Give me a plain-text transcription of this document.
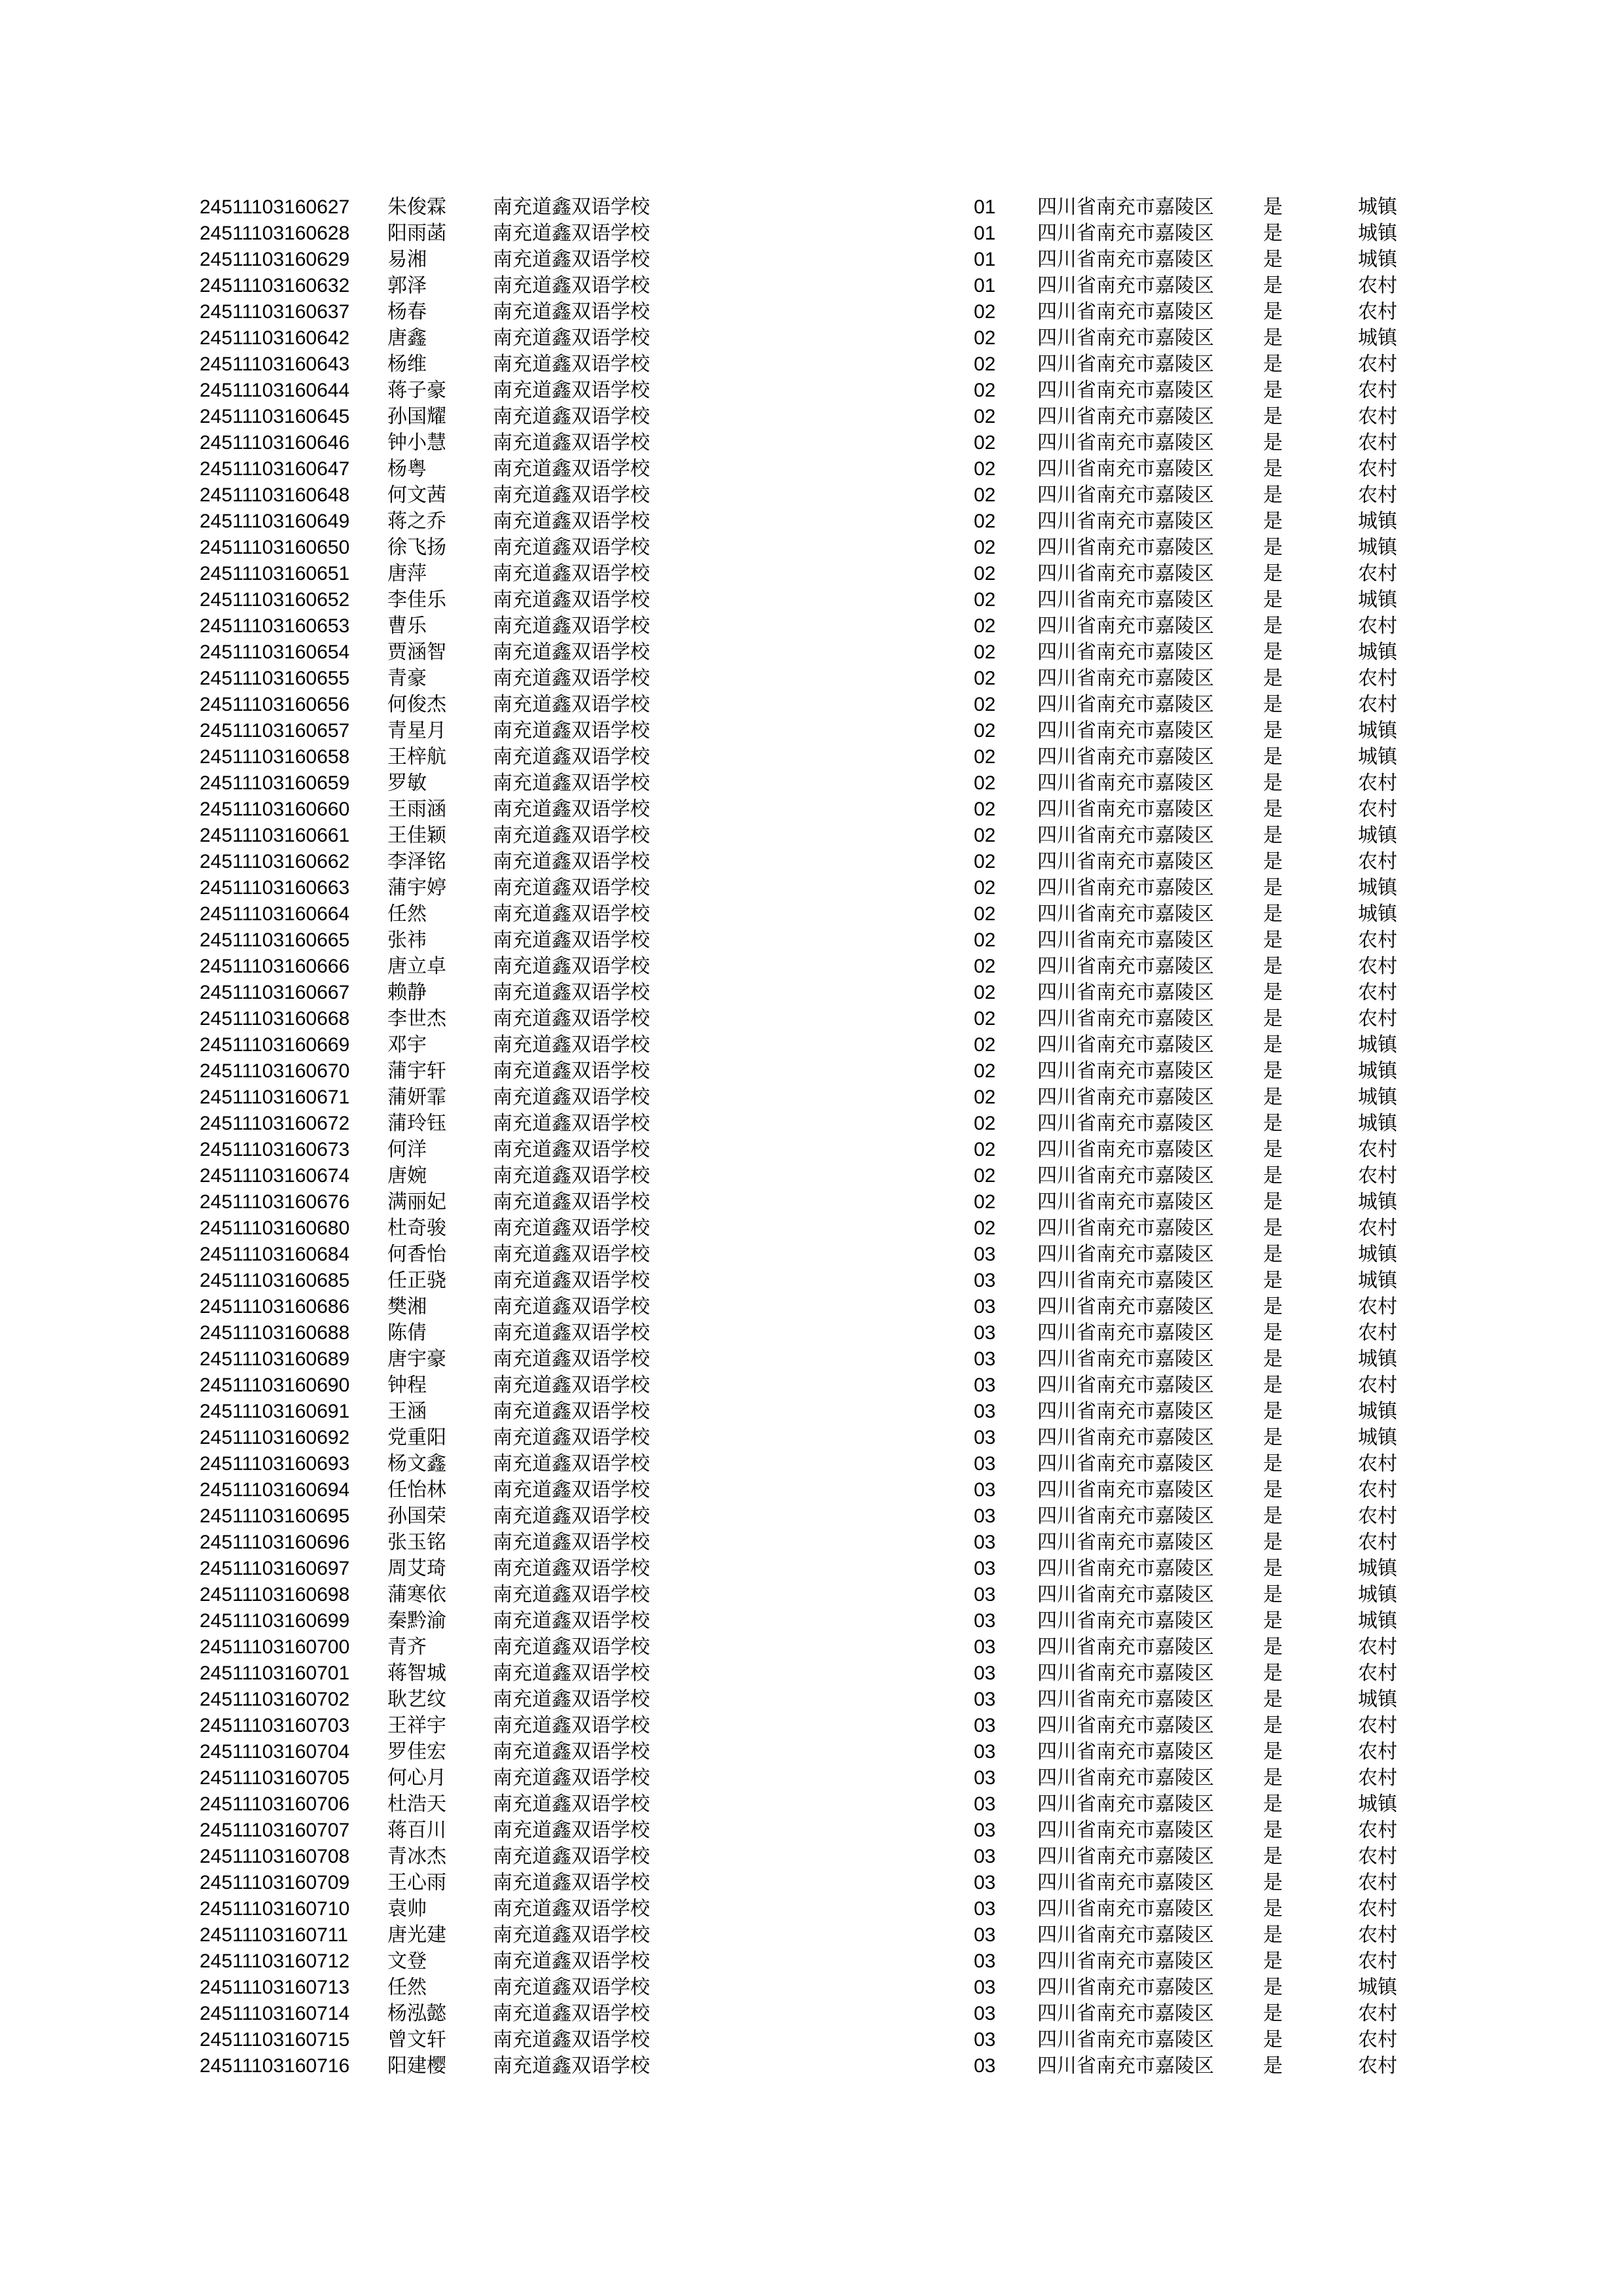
24511103160627 朱俊霖 南充道鑫双语学校	01 四川省南充市嘉陵区	是	城镇
24511103160628 阳雨菡 南充道鑫双语学校	01 四川省南充市嘉陵区	是	城镇
24511103160629 易湘	南充道鑫双语学校	01 四川省南充市嘉陵区	是	城镇
24511103160632 郭泽	南充道鑫双语学校	01 四川省南充市嘉陵区	是	农村
24511103160637 杨春	南充道鑫双语学校	02 四川省南充市嘉陵区	是	农村
24511103160642 唐鑫	南充道鑫双语学校	02 四川省南充市嘉陵区	是	城镇
24511103160643 杨维	南充道鑫双语学校	02 四川省南充市嘉陵区	是	农村
24511103160644 蒋子豪 南充道鑫双语学校	02 四川省南充市嘉陵区	是	农村
24511103160645 孙国耀 南充道鑫双语学校	02 四川省南充市嘉陵区	是	农村
24511103160646 钟小慧 南充道鑫双语学校	02 四川省南充市嘉陵区	是	农村
24511103160647 杨粤	南充道鑫双语学校	02 四川省南充市嘉陵区	是	农村
24511103160648 何文茜 南充道鑫双语学校	02 四川省南充市嘉陵区	是	农村
24511103160649 蒋之乔 南充道鑫双语学校	02 四川省南充市嘉陵区	是	城镇
24511103160650 徐飞扬 南充道鑫双语学校	02 四川省南充市嘉陵区	是	城镇
24511103160651 唐萍	南充道鑫双语学校	02 四川省南充市嘉陵区	是	农村
24511103160652 李佳乐 南充道鑫双语学校	02 四川省南充市嘉陵区	是	城镇
24511103160653 曹乐	南充道鑫双语学校	02 四川省南充市嘉陵区	是	农村
24511103160654 贾涵智 南充道鑫双语学校	02 四川省南充市嘉陵区	是	城镇
24511103160655 青豪	南充道鑫双语学校	02 四川省南充市嘉陵区	是	农村
24511103160656 何俊杰 南充道鑫双语学校	02 四川省南充市嘉陵区	是	农村
24511103160657 青星月 南充道鑫双语学校	02 四川省南充市嘉陵区	是	城镇
24511103160658 王梓航 南充道鑫双语学校	02 四川省南充市嘉陵区	是	城镇
24511103160659 罗敏	南充道鑫双语学校	02 四川省南充市嘉陵区	是	农村
24511103160660 王雨涵 南充道鑫双语学校	02 四川省南充市嘉陵区	是	农村
24511103160661 王佳颖 南充道鑫双语学校	02 四川省南充市嘉陵区	是	城镇
24511103160662 李泽铭 南充道鑫双语学校	02 四川省南充市嘉陵区	是	农村
24511103160663 蒲宇婷 南充道鑫双语学校	02 四川省南充市嘉陵区	是	城镇
24511103160664 任然	南充道鑫双语学校	02 四川省南充市嘉陵区	是	城镇
24511103160665 张祎	南充道鑫双语学校	02 四川省南充市嘉陵区	是	农村
24511103160666 唐立卓 南充道鑫双语学校	02 四川省南充市嘉陵区	是	农村
24511103160667 赖静	南充道鑫双语学校	02 四川省南充市嘉陵区	是	农村
24511103160668 李世杰 南充道鑫双语学校	02 四川省南充市嘉陵区	是	农村
24511103160669 邓宇	南充道鑫双语学校	02 四川省南充市嘉陵区	是	城镇
24511103160670 蒲宇轩 南充道鑫双语学校	02 四川省南充市嘉陵区	是	城镇
24511103160671 蒲妍霏 南充道鑫双语学校	02 四川省南充市嘉陵区	是	城镇
24511103160672 蒲玲钰 南充道鑫双语学校	02 四川省南充市嘉陵区	是	城镇
24511103160673 何洋	南充道鑫双语学校	02 四川省南充市嘉陵区	是	农村
24511103160674 唐婉	南充道鑫双语学校	02 四川省南充市嘉陵区	是	农村
24511103160676 满丽妃 南充道鑫双语学校	02 四川省南充市嘉陵区	是	城镇
24511103160680 杜奇骏 南充道鑫双语学校	02 四川省南充市嘉陵区	是	农村
24511103160684 何香怡 南充道鑫双语学校	03 四川省南充市嘉陵区	是	城镇
24511103160685 任正骁 南充道鑫双语学校	03 四川省南充市嘉陵区	是	城镇
24511103160686 樊湘	南充道鑫双语学校	03 四川省南充市嘉陵区	是	农村
24511103160688 陈倩	南充道鑫双语学校	03 四川省南充市嘉陵区	是	农村
24511103160689 唐宇豪 南充道鑫双语学校	03 四川省南充市嘉陵区	是	城镇
24511103160690 钟程	南充道鑫双语学校	03 四川省南充市嘉陵区	是	农村
24511103160691 王涵	南充道鑫双语学校	03 四川省南充市嘉陵区	是	城镇
24511103160692 党重阳 南充道鑫双语学校	03 四川省南充市嘉陵区	是	城镇
24511103160693 杨文鑫 南充道鑫双语学校	03 四川省南充市嘉陵区	是	农村
24511103160694 任怡林 南充道鑫双语学校	03 四川省南充市嘉陵区	是	农村
24511103160695 孙国荣 南充道鑫双语学校	03 四川省南充市嘉陵区	是	农村
24511103160696 张玉铭 南充道鑫双语学校	03 四川省南充市嘉陵区	是	农村
24511103160697 周艾琦 南充道鑫双语学校	03 四川省南充市嘉陵区	是	城镇
24511103160698 蒲寒依 南充道鑫双语学校	03 四川省南充市嘉陵区	是	城镇
24511103160699 秦黔渝 南充道鑫双语学校	03 四川省南充市嘉陵区	是	城镇
24511103160700 青齐	南充道鑫双语学校	03 四川省南充市嘉陵区	是	农村
24511103160701 蒋智城 南充道鑫双语学校	03 四川省南充市嘉陵区	是	农村
24511103160702 耿艺纹 南充道鑫双语学校	03 四川省南充市嘉陵区	是	城镇
24511103160703 王祥宇 南充道鑫双语学校	03 四川省南充市嘉陵区	是	农村
24511103160704 罗佳宏 南充道鑫双语学校	03 四川省南充市嘉陵区	是	农村
24511103160705 何心月 南充道鑫双语学校	03 四川省南充市嘉陵区	是	农村
24511103160706 杜浩天 南充道鑫双语学校	03 四川省南充市嘉陵区	是	城镇
24511103160707 蒋百川 南充道鑫双语学校	03 四川省南充市嘉陵区	是	农村
24511103160708 青冰杰 南充道鑫双语学校	03 四川省南充市嘉陵区	是	农村
24511103160709 王心雨 南充道鑫双语学校	03 四川省南充市嘉陵区	是	农村
24511103160710 袁帅	南充道鑫双语学校	03 四川省南充市嘉陵区	是	农村
24511103160711 唐光建 南充道鑫双语学校	03 四川省南充市嘉陵区	是	农村
24511103160712 文登	南充道鑫双语学校	03 四川省南充市嘉陵区	是	农村
24511103160713 任然	南充道鑫双语学校	03 四川省南充市嘉陵区	是	城镇
24511103160714 杨泓懿 南充道鑫双语学校	03 四川省南充市嘉陵区	是	农村
24511103160715 曾文轩 南充道鑫双语学校	03 四川省南充市嘉陵区	是	农村
24511103160716 阳建樱 南充道鑫双语学校	03 四川省南充市嘉陵区	是	农村
